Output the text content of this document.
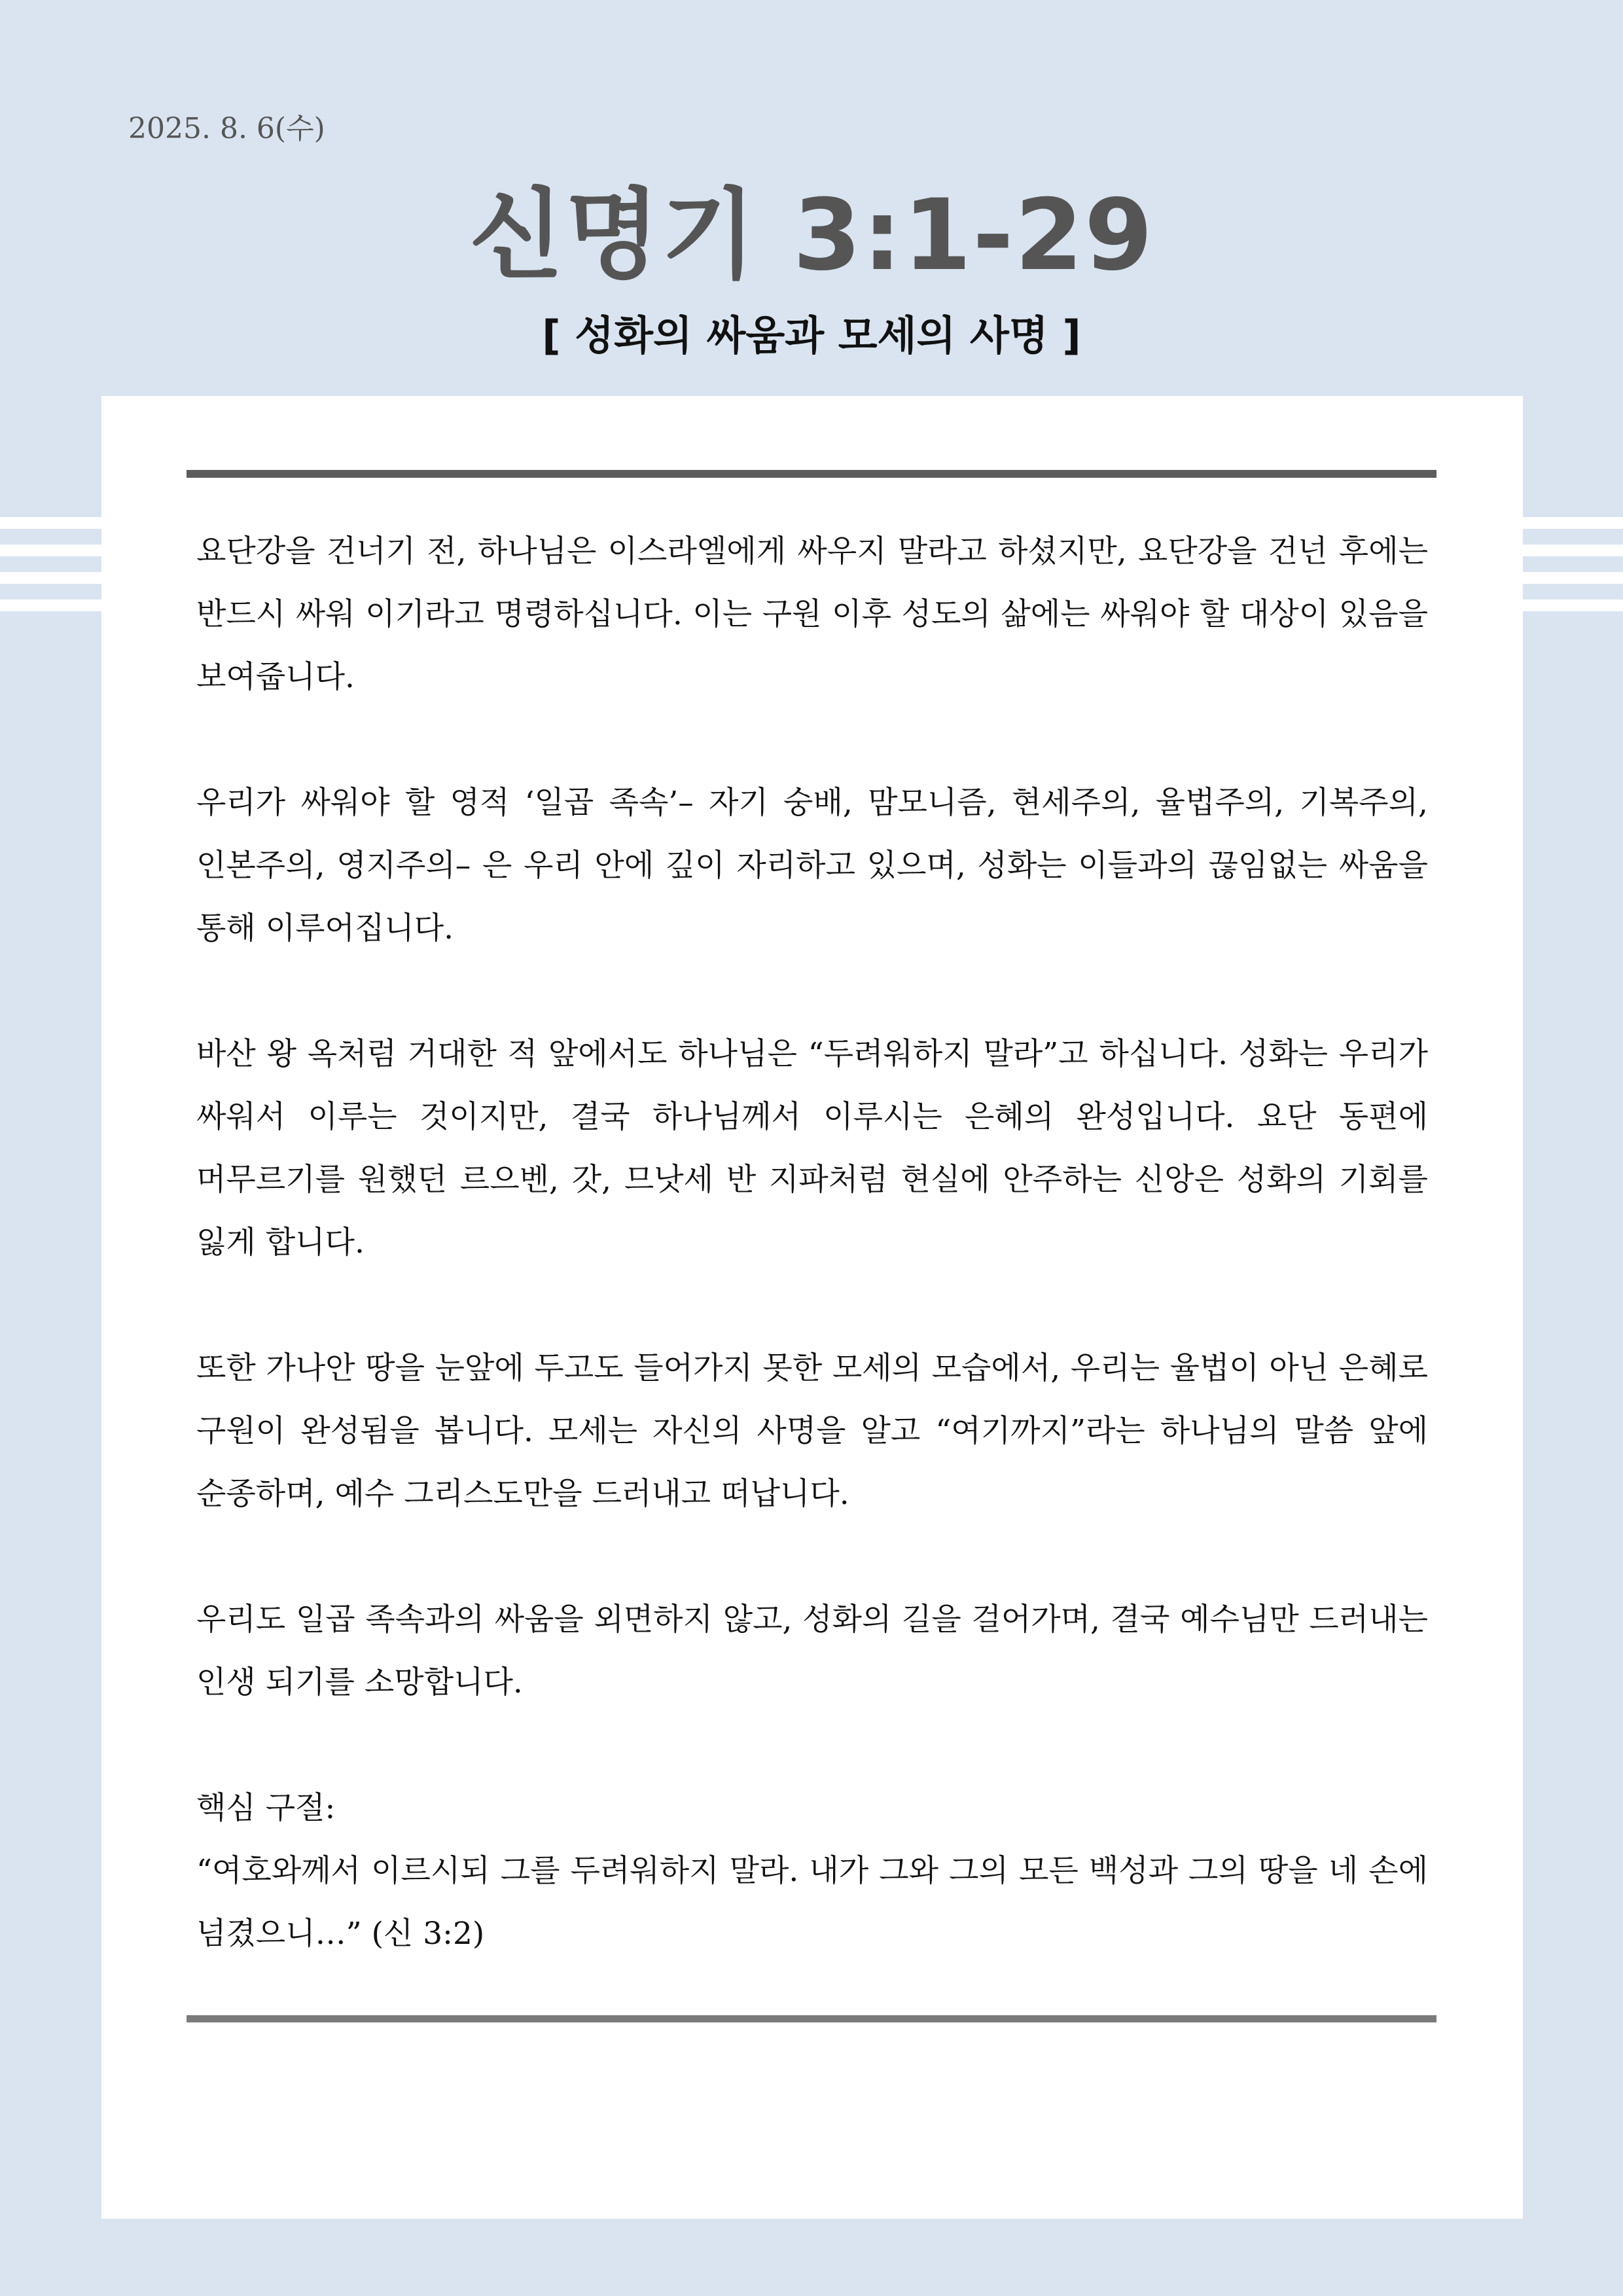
2025. 8. 6(수)
신명기 3:1-29
[ 성화의 싸움과 모세의 사명 ]

요단강을 건너기 전, 하나님은 이스라엘에게 싸우지 말라고 하셨지만, 요단강을 건넌 후에는 반드시 싸워 이기라고 명령하십니다. 이는 구원 이후 성도의 삶에는 싸워야 할 대상이 있음을 보여줍니다.

우리가 싸워야 할 영적 ‘일곱 족속’– 자기 숭배, 맘모니즘, 현세주의, 율법주의, 기복주의, 인본주의, 영지주의– 은 우리 안에 깊이 자리하고 있으며, 성화는 이들과의 끊임없는 싸움을 통해 이루어집니다.

바산 왕 옥처럼 거대한 적 앞에서도 하나님은 “두려워하지 말라”고 하십니다. 성화는 우리가 싸워서 이루는 것이지만, 결국 하나님께서 이루시는 은혜의 완성입니다. 요단 동편에 머무르기를 원했던 르으벤, 갓, 므낫세 반 지파처럼 현실에 안주하는 신앙은 성화의 기회를 잃게 합니다.

또한 가나안 땅을 눈앞에 두고도 들어가지 못한 모세의 모습에서, 우리는 율법이 아닌 은혜로 구원이 완성됨을 봅니다. 모세는 자신의 사명을 알고 “여기까지”라는 하나님의 말씀 앞에 순종하며, 예수 그리스도만을 드러내고 떠납니다.

우리도 일곱 족속과의 싸움을 외면하지 않고, 성화의 길을 걸어가며, 결국 예수님만 드러내는 인생 되기를 소망합니다.

핵심 구절:

“여호와께서 이르시되 그를 두려워하지 말라. 내가 그와 그의 모든 백성과 그의 땅을 네 손에 넘겼으니…” (신 3:2)
